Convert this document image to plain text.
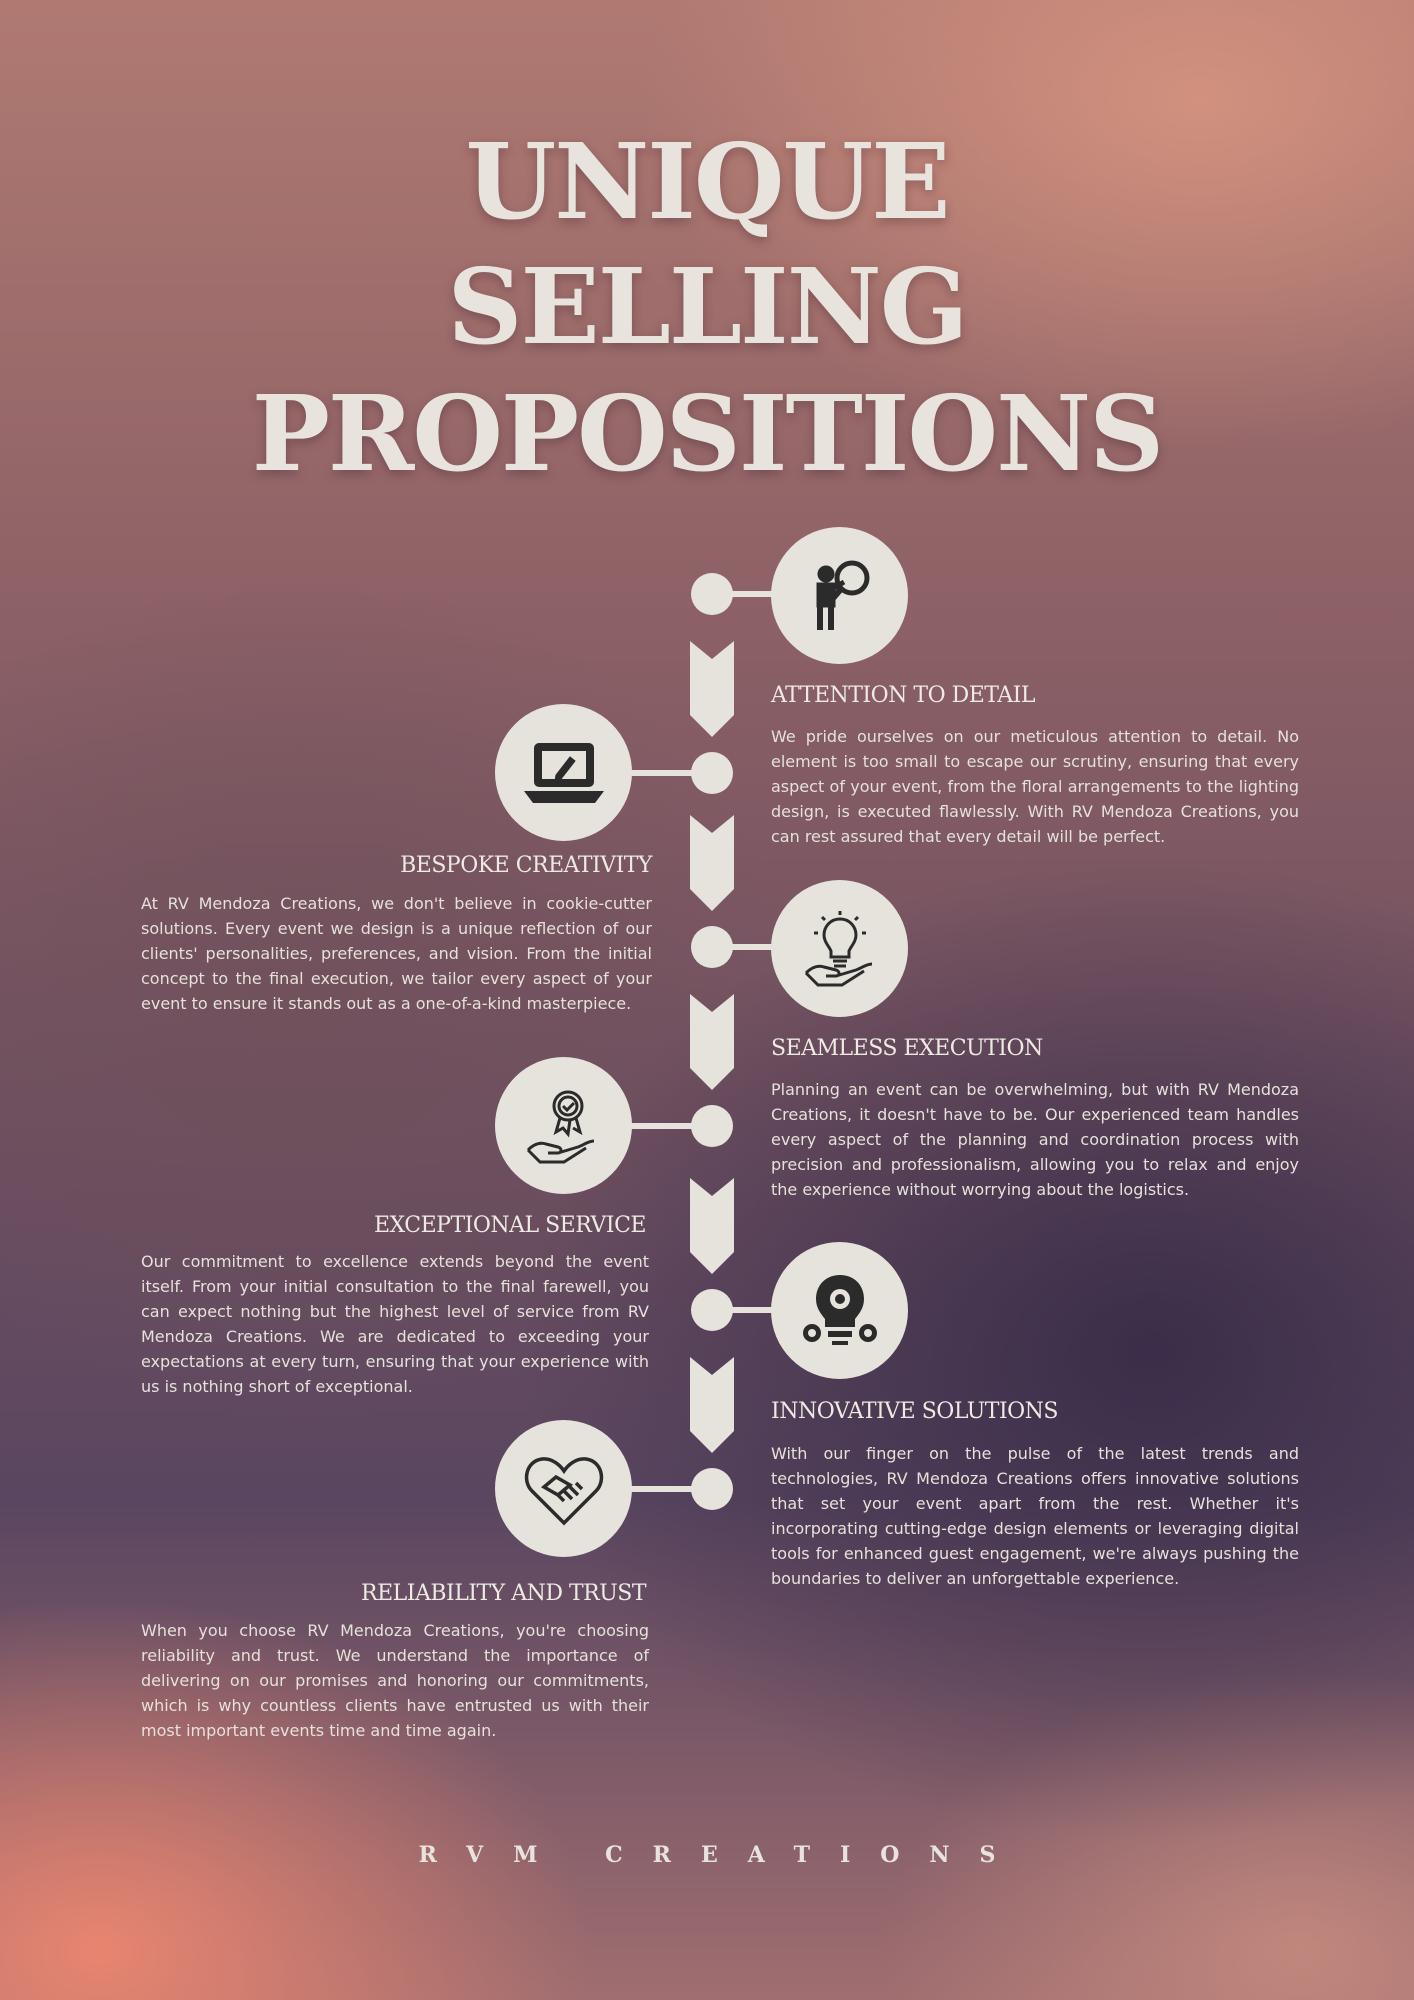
UNIQUE
SELLING
PROPOSITIONS
ATTENTION TO DETAIL
We pride ourselves on our meticulous attention to detail. No element is too small to escape our scrutiny, ensuring that every aspect of your event, from the floral arrangements to the lighting design, is executed flawlessly. With RV Mendoza Creations, you can rest assured that every detail will be perfect.
BESPOKE CREATIVITY
At RV Mendoza Creations, we don't believe in cookie-cutter solutions. Every event we design is a unique reflection of our clients' personalities, preferences, and vision. From the initial concept to the final execution, we tailor every aspect of your event to ensure it stands out as a one-of-a-kind masterpiece.
SEAMLESS EXECUTION
Planning an event can be overwhelming, but with RV Mendoza Creations, it doesn't have to be. Our experienced team handles every aspect of the planning and coordination process with precision and professionalism, allowing you to relax and enjoy the experience without worrying about the logistics.
EXCEPTIONAL SERVICE
Our commitment to excellence extends beyond the event itself. From your initial consultation to the final farewell, you can expect nothing but the highest level of service from RV Mendoza Creations. We are dedicated to exceeding your expectations at every turn, ensuring that your experience with us is nothing short of exceptional.
INNOVATIVE SOLUTIONS
With our finger on the pulse of the latest trends and technologies, RV Mendoza Creations offers innovative solutions that set your event apart from the rest. Whether it's incorporating cutting-edge design elements or leveraging digital tools for enhanced guest engagement, we're always pushing the boundaries to deliver an unforgettable experience.
RELIABILITY AND TRUST
When you choose RV Mendoza Creations, you're choosing reliability and trust. We understand the importance of delivering on our promises and honoring our commitments, which is why countless clients have entrusted us with their most important events time and time again.
RVM CREATIONS
